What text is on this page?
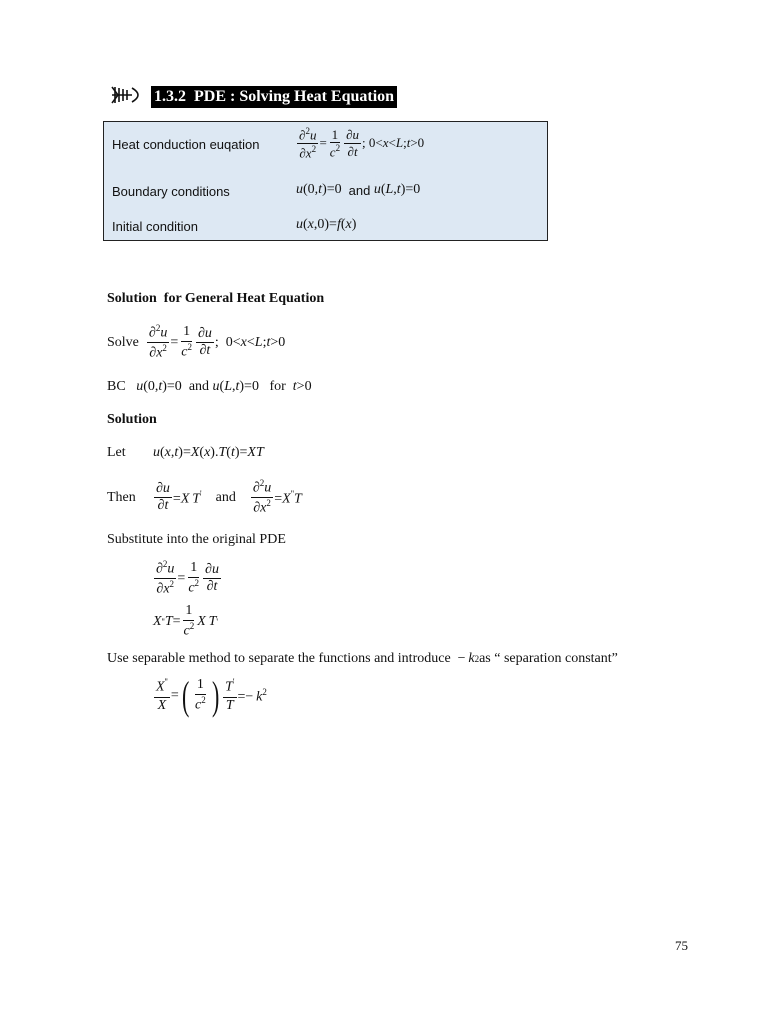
1.3.2 PDE : Solving Heat Equation
Heat conduction euqation	$\frac{\partial^2u}{\partial x^2} = \frac{1}{c^2} \frac{\partial u}{\partial t}$ ; 0<x<L;t>0
Boundary conditions	u (0, t )=0 and
u ( L , t )=0
Initial condition	u ( x ,0)= f ( x )
Solution  for General Heat Equation
Solve
$\frac{\partial^2u}{\partial x^2} = \frac{1}{c^2} \frac{\partial u}{\partial t}$ ;  0<x<L;t>0
BC
u (0, t )=0 and
u ( L , t )=0 for
t >0
Solution
Let	u ( x , t )= X ( x ). T ( t )= XT
Then	$\frac{\partial u}{\partial t} =X$  T'
and
$\frac{\partial^2u}{\partial x^2} =X''T$
Substitute into the original PDE
$\frac{\partial^2u}{\partial x^2} = \frac{1}{c^2} \frac{\partial u}{\partial t}$
X '' $T = \frac{1}{c^2}$ X
  T '
Use separable method to separate the functions and introduce −  k 2 as “ separation constant”
$\frac{X''}{X}$ = ( $\frac{1}{c^2}$ ) $\frac{T'}{T} =- k^2$
75
